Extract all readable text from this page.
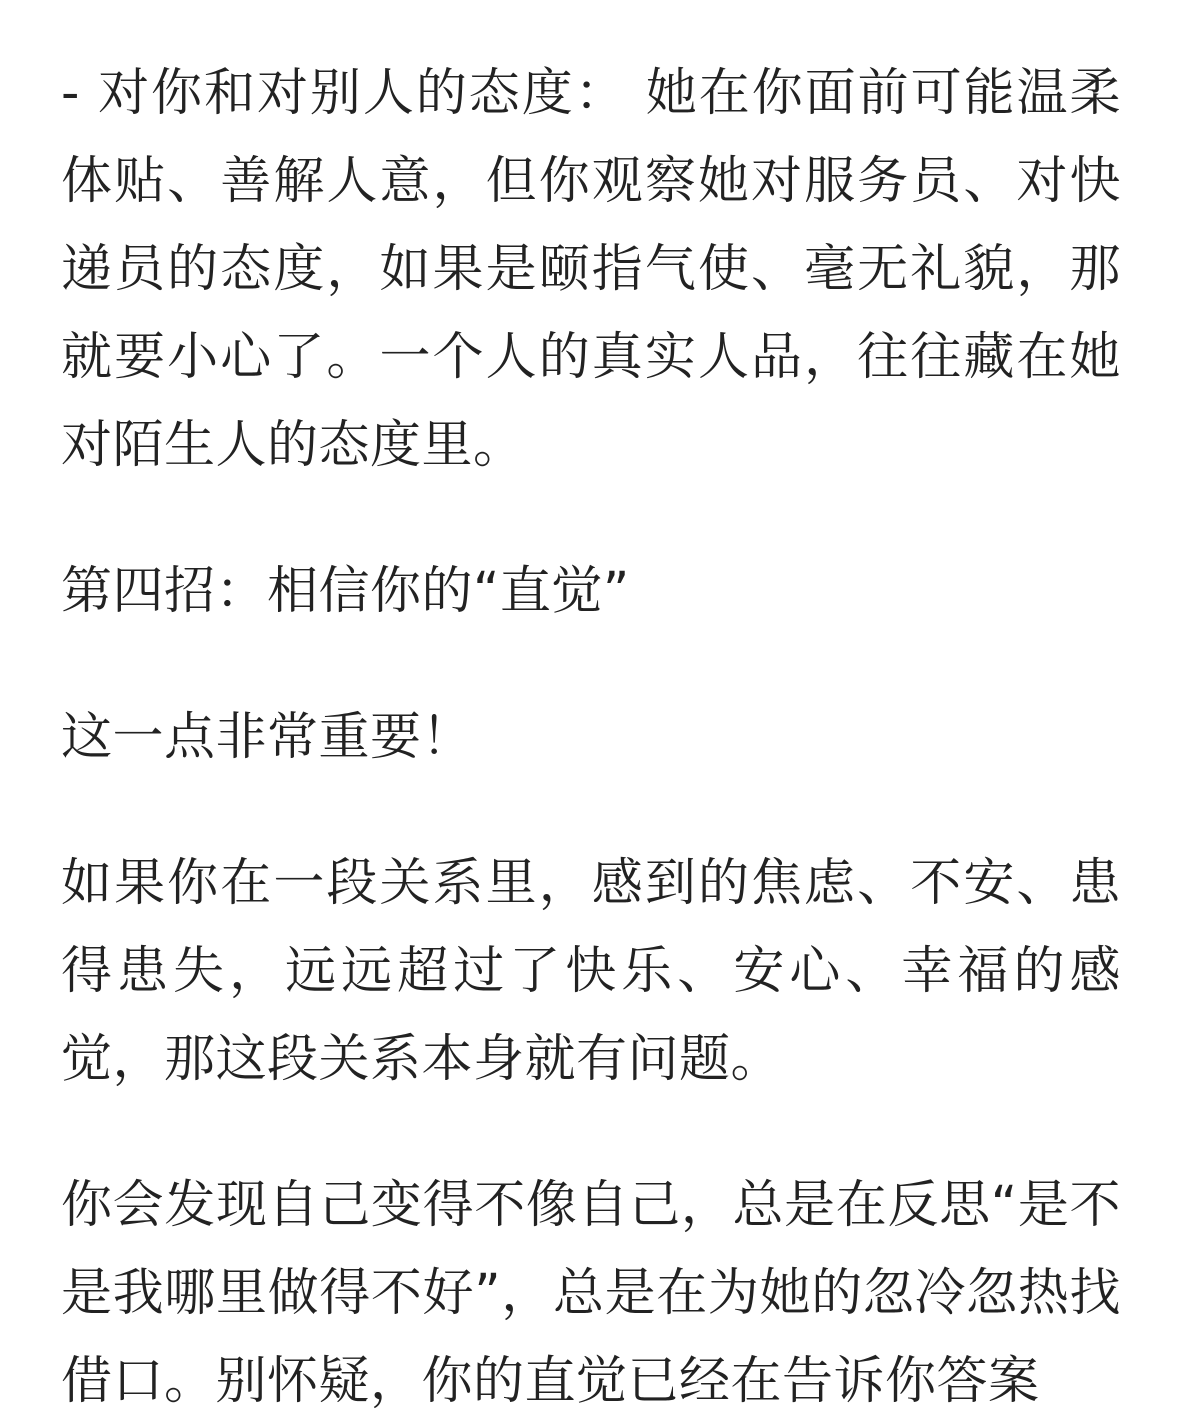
- 对你和对别人的态度： 她在你面前可能温柔体贴、善解人意，但你观察她对服务员、对快递员的态度，如果是颐指气使、毫无礼貌，那就要小心了。一个人的真实人品，往往藏在她对陌生人的态度里。

第四招：相信你的“直觉”

这一点非常重要！

如果你在一段关系里，感到的焦虑、不安、患得患失，远远超过了快乐、安心、幸福的感觉，那这段关系本身就有问题。

你会发现自己变得不像自己，总是在反思“是不是我哪里做得不好”，总是在为她的忽冷忽热找借口。别怀疑，你的直觉已经在告诉你答案
